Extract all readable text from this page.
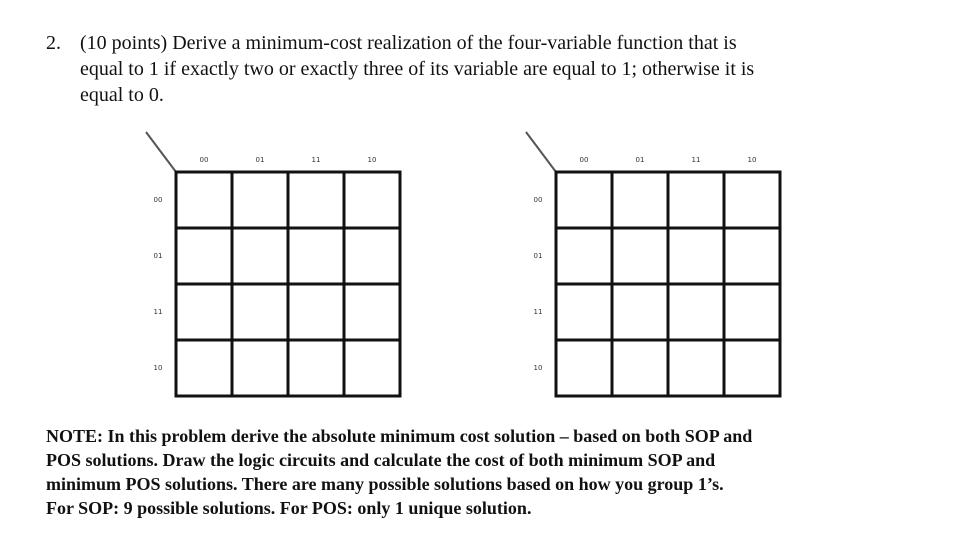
2. (10 points) Derive a minimum-cost realization of the four-variable function that is
equal to 1 if exactly two or exactly three of its variable are equal to 1; otherwise it is
equal to 0.
00	01	11	10
00
01
11
10
00	01	11	10
00
01
11
10
NOTE: In this problem derive the absolute minimum cost solution – based on both SOP and
POS solutions. Draw the logic circuits and calculate the cost of both minimum SOP and
minimum POS solutions. There are many possible solutions based on how you group 1’s.
For SOP: 9 possible solutions. For POS: only 1 unique solution.
